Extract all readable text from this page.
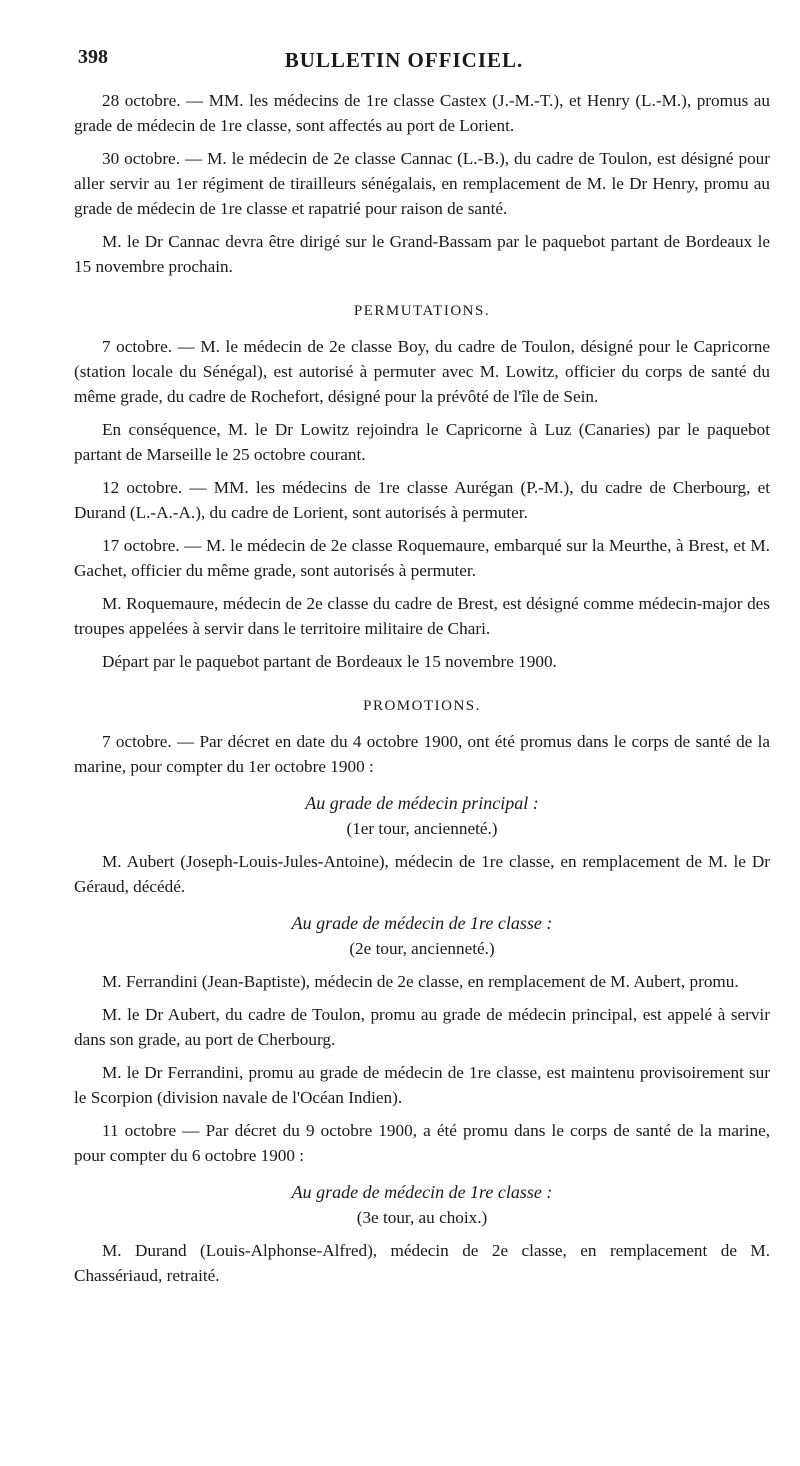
398	BULLETIN OFFICIEL.

28 octobre. — MM. les médecins de 1re classe Castex (J.-M.-T.), et Henry (L.-M.), promus au grade de médecin de 1re classe, sont affectés au port de Lorient.

30 octobre. — M. le médecin de 2e classe Cannac (L.-B.), du cadre de Toulon, est désigné pour aller servir au 1er régiment de tirailleurs sénégalais, en remplacement de M. le Dr Henry, promu au grade de médecin de 1re classe et rapatrié pour raison de santé.

M. le Dr Cannac devra être dirigé sur le Grand-Bassam par le paquebot partant de Bordeaux le 15 novembre prochain.

PERMUTATIONS.

7 octobre. — M. le médecin de 2e classe Boy, du cadre de Toulon, désigné pour le Capricorne (station locale du Sénégal), est autorisé à permuter avec M. Lowitz, officier du corps de santé du même grade, du cadre de Rochefort, désigné pour la prévôté de l'île de Sein.

En conséquence, M. le Dr Lowitz rejoindra le Capricorne à Luz (Canaries) par le paquebot partant de Marseille le 25 octobre courant.

12 octobre. — MM. les médecins de 1re classe Aurégan (P.-M.), du cadre de Cherbourg, et Durand (L.-A.-A.), du cadre de Lorient, sont autorisés à permuter.

17 octobre. — M. le médecin de 2e classe Roquemaure, embarqué sur la Meurthe, à Brest, et M. Gachet, officier du même grade, sont autorisés à permuter.

M. Roquemaure, médecin de 2e classe du cadre de Brest, est désigné comme médecin-major des troupes appelées à servir dans le territoire militaire de Chari.

Départ par le paquebot partant de Bordeaux le 15 novembre 1900.

PROMOTIONS.

7 octobre. — Par décret en date du 4 octobre 1900, ont été promus dans le corps de santé de la marine, pour compter du 1er octobre 1900 :

Au grade de médecin principal :
(1er tour, ancienneté.)

M. Aubert (Joseph-Louis-Jules-Antoine), médecin de 1re classe, en remplacement de M. le Dr Géraud, décédé.

Au grade de médecin de 1re classe :
(2e tour, ancienneté.)

M. Ferrandini (Jean-Baptiste), médecin de 2e classe, en remplacement de M. Aubert, promu.

M. le Dr Aubert, du cadre de Toulon, promu au grade de médecin principal, est appelé à servir dans son grade, au port de Cherbourg.

M. le Dr Ferrandini, promu au grade de médecin de 1re classe, est maintenu provisoirement sur le Scorpion (division navale de l'Océan Indien).

11 octobre — Par décret du 9 octobre 1900, a été promu dans le corps de santé de la marine, pour compter du 6 octobre 1900 :

Au grade de médecin de 1re classe :
(3e tour, au choix.)

M. Durand (Louis-Alphonse-Alfred), médecin de 2e classe, en remplacement de M. Chassériaud, retraité.
